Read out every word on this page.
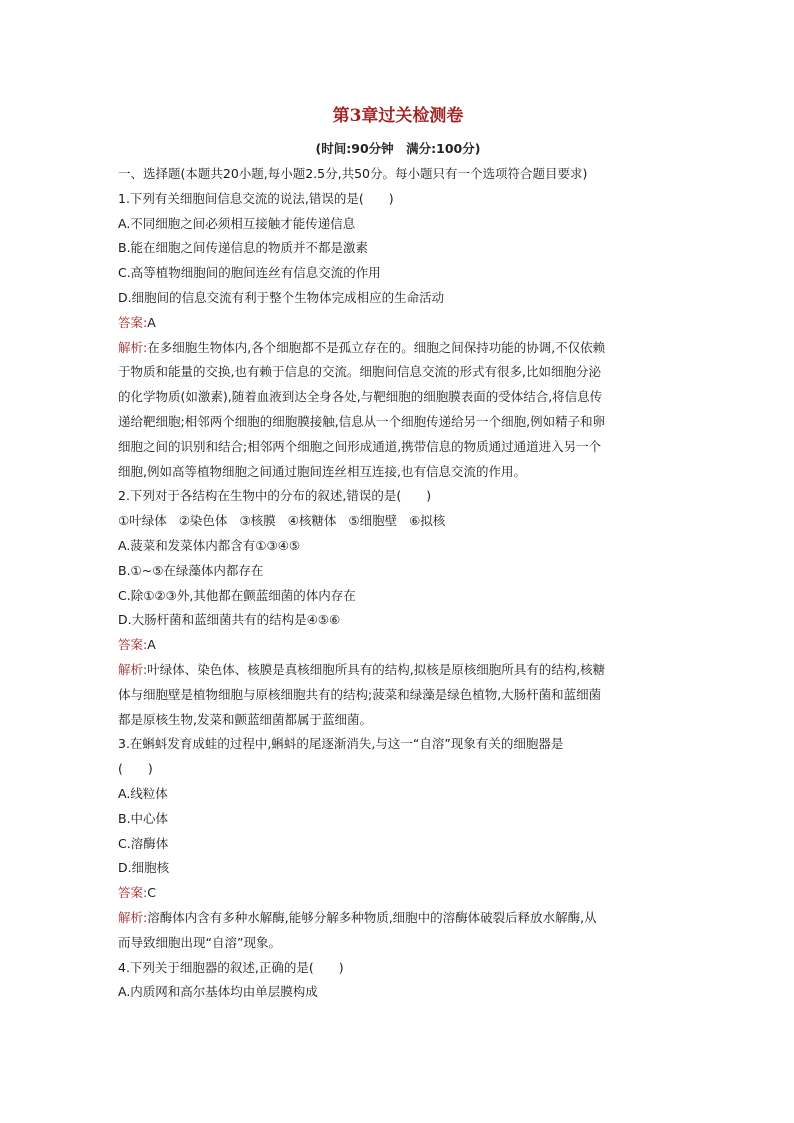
第3章过关检测卷
(时间:90分钟　满分:100分)
一、选择题(本题共20小题,每小题2.5分,共50分。每小题只有一个选项符合题目要求)
1.下列有关细胞间信息交流的说法,错误的是(　　)
A.不同细胞之间必须相互接触才能传递信息
B.能在细胞之间传递信息的物质并不都是激素
C.高等植物细胞间的胞间连丝有信息交流的作用
D.细胞间的信息交流有利于整个生物体完成相应的生命活动
答案:A
解析:在多细胞生物体内,各个细胞都不是孤立存在的。细胞之间保持功能的协调,不仅依赖
于物质和能量的交换,也有赖于信息的交流。细胞间信息交流的形式有很多,比如细胞分泌
的化学物质(如激素),随着血液到达全身各处,与靶细胞的细胞膜表面的受体结合,将信息传
递给靶细胞;相邻两个细胞的细胞膜接触,信息从一个细胞传递给另一个细胞,例如精子和卵
细胞之间的识别和结合;相邻两个细胞之间形成通道,携带信息的物质通过通道进入另一个
细胞,例如高等植物细胞之间通过胞间连丝相互连接,也有信息交流的作用。
2.下列对于各结构在生物中的分布的叙述,错误的是(　　)
①叶绿体 ②染色体 ③核膜 ④核糖体 ⑤细胞壁 ⑥拟核
A.菠菜和发菜体内都含有①③④⑤
B.①~⑤在绿藻体内都存在
C.除①②③外,其他都在颤蓝细菌的体内存在
D.大肠杆菌和蓝细菌共有的结构是④⑤⑥
答案:A
解析:叶绿体、染色体、核膜是真核细胞所具有的结构,拟核是原核细胞所具有的结构,核糖
体与细胞壁是植物细胞与原核细胞共有的结构;菠菜和绿藻是绿色植物,大肠杆菌和蓝细菌
都是原核生物,发菜和颤蓝细菌都属于蓝细菌。
3.在蝌蚪发育成蛙的过程中,蝌蚪的尾逐渐消失,与这一“自溶”现象有关的细胞器是
(　　)
A.线粒体
B.中心体
C.溶酶体
D.细胞核
答案:C
解析:溶酶体内含有多种水解酶,能够分解多种物质,细胞中的溶酶体破裂后释放水解酶,从
而导致细胞出现“自溶”现象。
4.下列关于细胞器的叙述,正确的是(　　)
A.内质网和高尔基体均由单层膜构成
